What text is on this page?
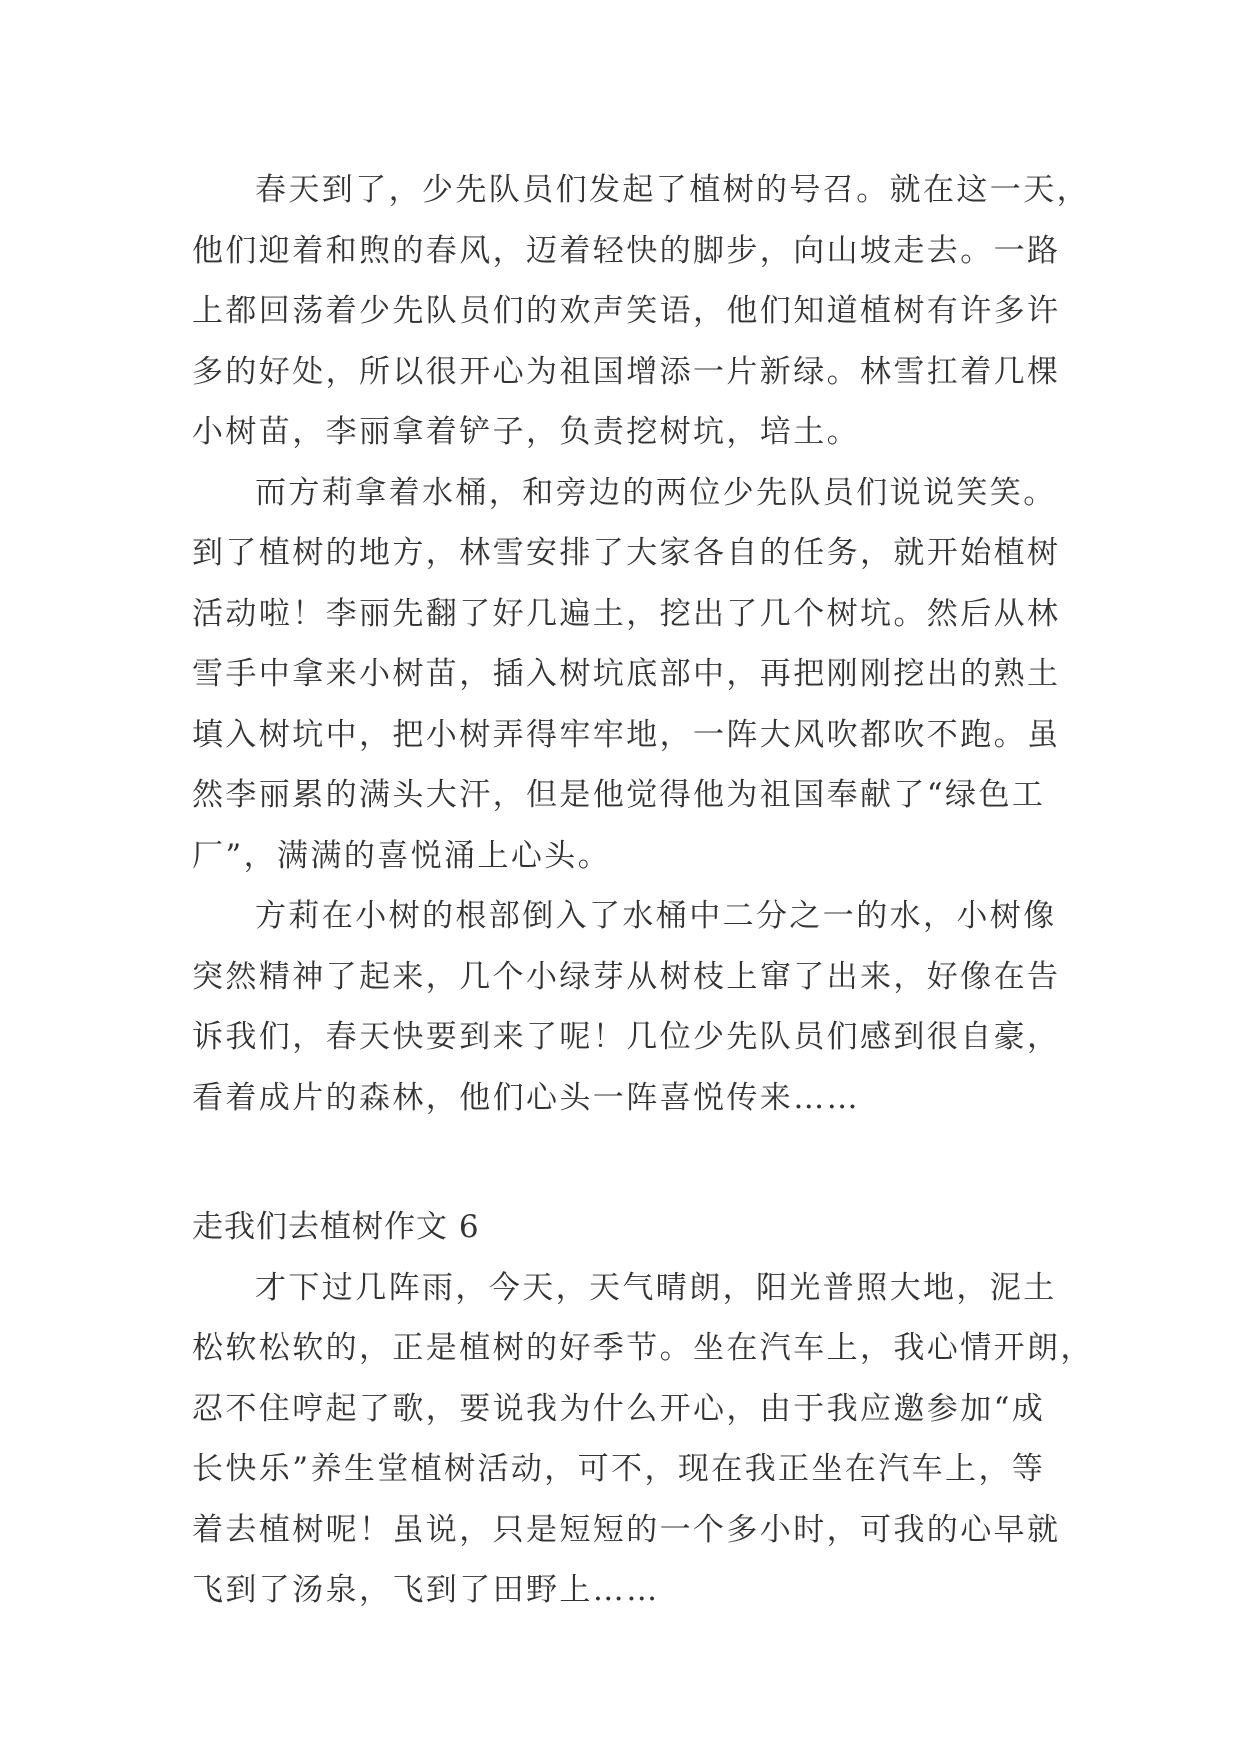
春天到了，少先队员们发起了植树的号召。就在这一天，
他们迎着和煦的春风，迈着轻快的脚步，向山坡走去。一路
上都回荡着少先队员们的欢声笑语，他们知道植树有许多许
多的好处，所以很开心为祖国增添一片新绿。林雪扛着几棵
小树苗，李丽拿着铲子，负责挖树坑，培土。
而方莉拿着水桶，和旁边的两位少先队员们说说笑笑。
到了植树的地方，林雪安排了大家各自的任务，就开始植树
活动啦！李丽先翻了好几遍土，挖出了几个树坑。然后从林
雪手中拿来小树苗，插入树坑底部中，再把刚刚挖出的熟土
填入树坑中，把小树弄得牢牢地，一阵大风吹都吹不跑。虽
然李丽累的满头大汗，但是他觉得他为祖国奉献了“绿色工
厂”，满满的喜悦涌上心头。
方莉在小树的根部倒入了水桶中二分之一的水，小树像
突然精神了起来，几个小绿芽从树枝上窜了出来，好像在告
诉我们，春天快要到来了呢！几位少先队员们感到很自豪，
看着成片的森林，他们心头一阵喜悦传来……
走我们去植树作文 6
才下过几阵雨，今天，天气晴朗，阳光普照大地，泥土
松软松软的，正是植树的好季节。坐在汽车上，我心情开朗，
忍不住哼起了歌，要说我为什么开心，由于我应邀参加“成
长快乐”养生堂植树活动，可不，现在我正坐在汽车上，等
着去植树呢！虽说，只是短短的一个多小时，可我的心早就
飞到了汤泉，飞到了田野上……
